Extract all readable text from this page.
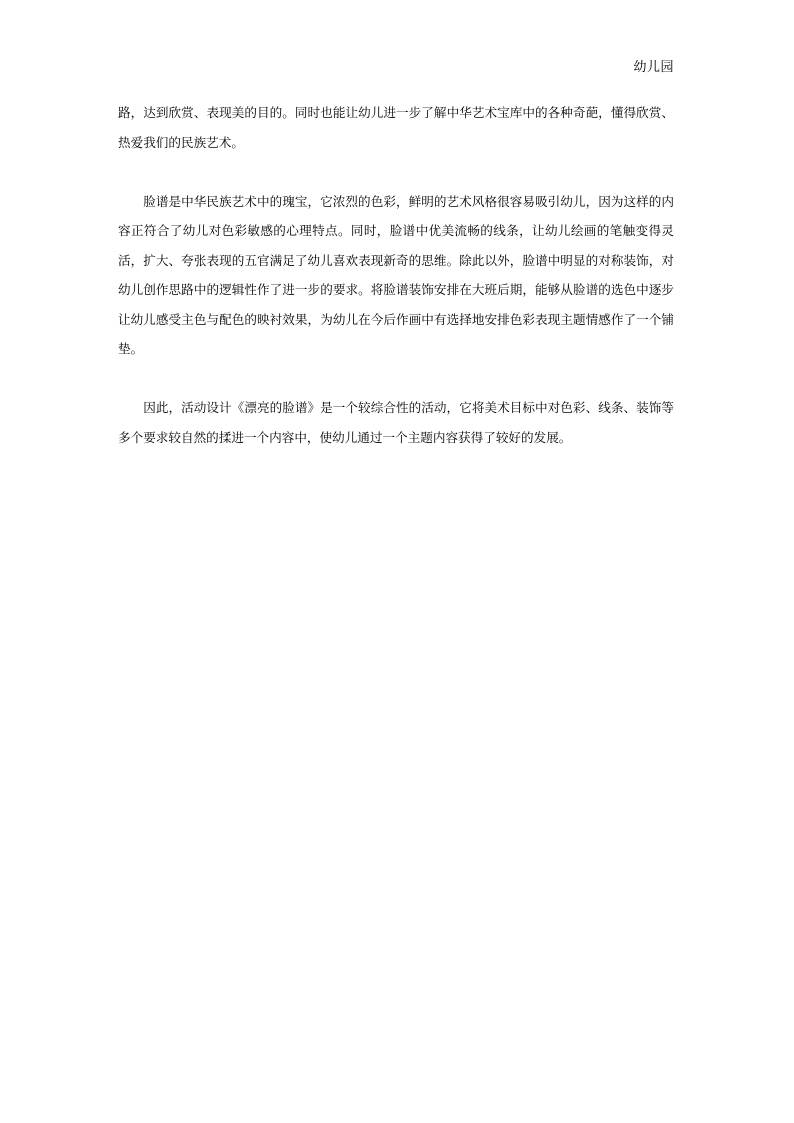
幼儿园

路，达到欣赏、表现美的目的。同时也能让幼儿进一步了解中华艺术宝库中的各种奇葩，懂得欣赏、热爱我们的民族艺术。

脸谱是中华民族艺术中的瑰宝，它浓烈的色彩，鲜明的艺术风格很容易吸引幼儿，因为这样的内容正符合了幼儿对色彩敏感的心理特点。同时，脸谱中优美流畅的线条，让幼儿绘画的笔触变得灵活，扩大、夸张表现的五官满足了幼儿喜欢表现新奇的思维。除此以外，脸谱中明显的对称装饰，对幼儿创作思路中的逻辑性作了进一步的要求。将脸谱装饰安排在大班后期，能够从脸谱的选色中逐步让幼儿感受主色与配色的映衬效果，为幼儿在今后作画中有选择地安排色彩表现主题情感作了一个铺垫。

因此，活动设计《漂亮的脸谱》是一个较综合性的活动，它将美术目标中对色彩、线条、装饰等多个要求较自然的揉进一个内容中，使幼儿通过一个主题内容获得了较好的发展。
